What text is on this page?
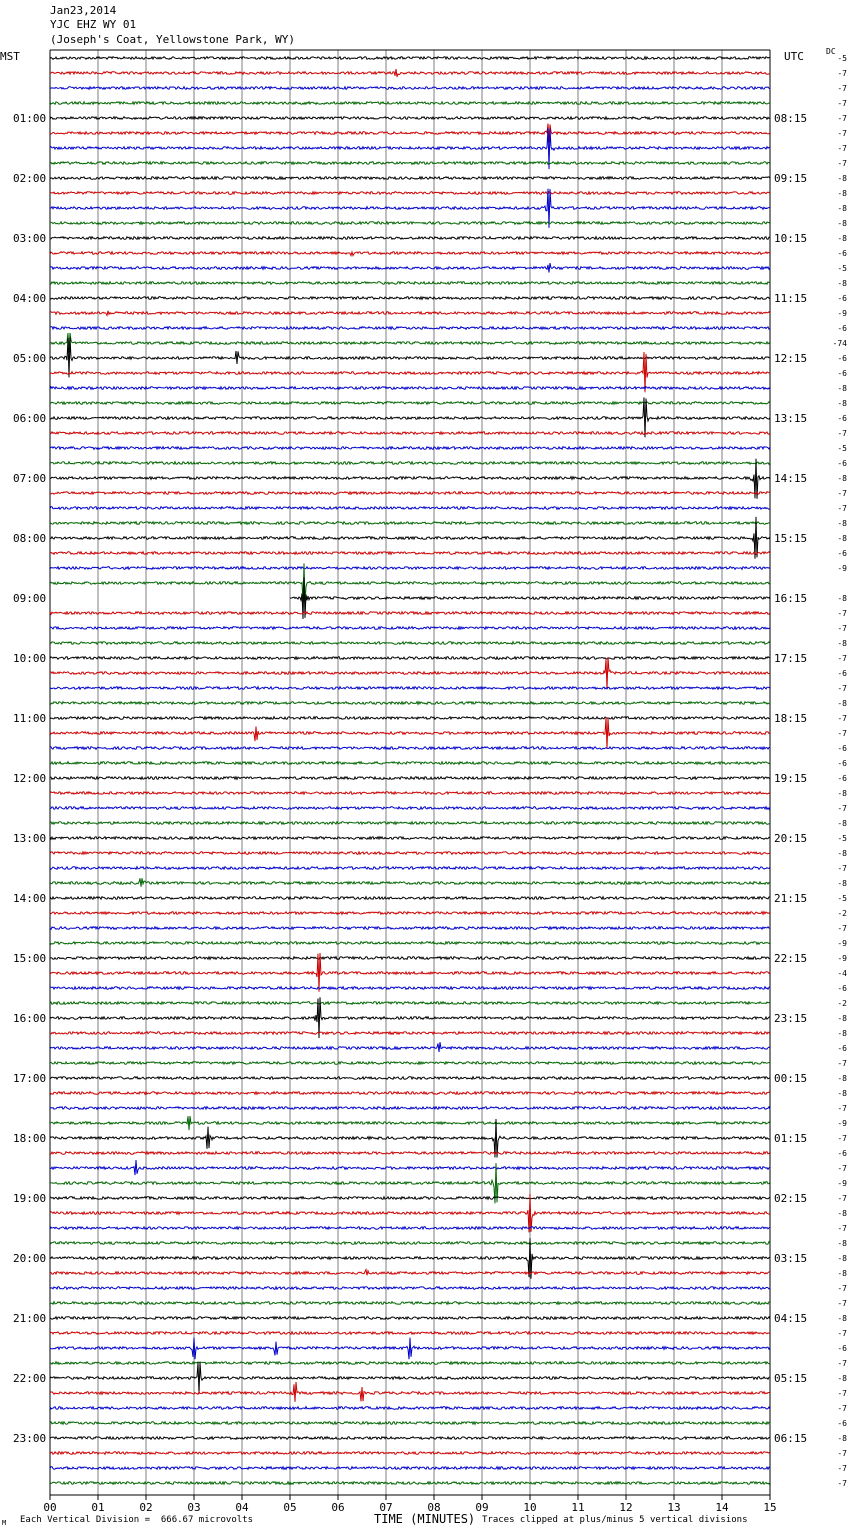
Jan23,2014
YJC EHZ WY 01
(Joseph's Coat, Yellowstone Park, WY)
MST	UTC	DC
00	01	02	03	04	05	06	07	08	09	10	11	12	13	14	15
-5
-7
-7
-7
-7
-7
-7
-7
-8
-8
-8
-8
-8
-6
-5
-8
-6
-9
-6
-74
-6
-6
-8
-8
-6
-7
-5
-6
-8
-7
-7
-8
-8
-6
-9
-8
-7
-7
-8
-7
-6
-7
-8
-7
-7
-6
-6
-6
-8
-7
-8
-5
-8
-7
-8
-5
-2
-7
-9
-9
-4
-6
-2
-8
-8
-6
-7
-8
-8
-7
-9
-7
-6
-7
-9
-7
-8
-7
-8
-8
-8
-7
-7
-8
-7
-6
-7
-8
-7
-7
-6
-8
-7
-7
-7
01:00
02:00
03:00
04:00
05:00
06:00
07:00
08:00
09:00
10:00
11:00
12:00
13:00
14:00
15:00
16:00
17:00
18:00
19:00
20:00
21:00
22:00
23:00
08:15
09:15
10:15
11:15
12:15
13:15
14:15
15:15
16:15
17:15
18:15
19:15
20:15
21:15
22:15
23:15
00:15
01:15
02:15
03:15
04:15
05:15
06:15
M Each Vertical Division =  666.67 microvolts	TIME (MINUTES) Traces clipped at plus/minus 5 vertical divisions
